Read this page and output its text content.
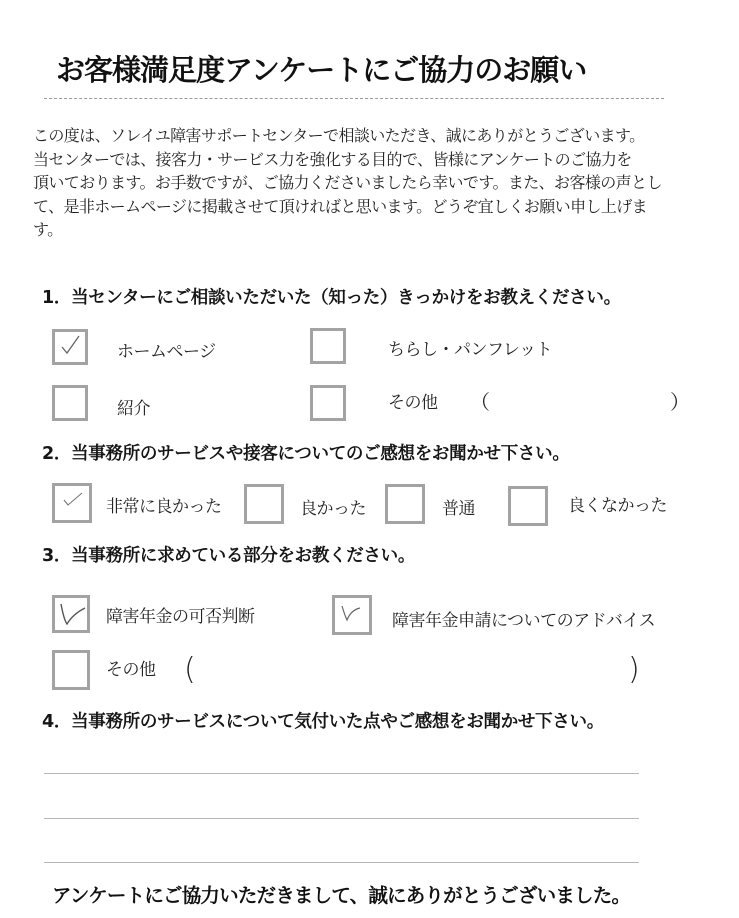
お客様満足度アンケートにご協力のお願い

この度は、ソレイユ障害サポートセンターで相談いただき、誠にありがとうございます。

当センターでは、接客力・サービス力を強化する目的で、皆様にアンケートのご協力を

頂いております。お手数ですが、ご協力くださいましたら幸いです。また、お客様の声とし

て、是非ホームページに掲載させて頂ければと思います。どうぞ宜しくお願い申し上げま

す。

1．当センターにご相談いただいた（知った）きっかけをお教えください。
ホームページ	ちらし・パンフレット
紹介	その他 （	）
2．当事務所のサービスや接客についてのご感想をお聞かせ下さい。
非常に良かった	良かった	普通	良くなかった
3．当事務所に求めている部分をお教ください。
障害年金の可否判断	障害年金申請についてのアドバイス
その他 (	)
4．当事務所のサービスについて気付いた点やご感想をお聞かせ下さい。
アンケートにご協力いただきまして、誠にありがとうございました。
